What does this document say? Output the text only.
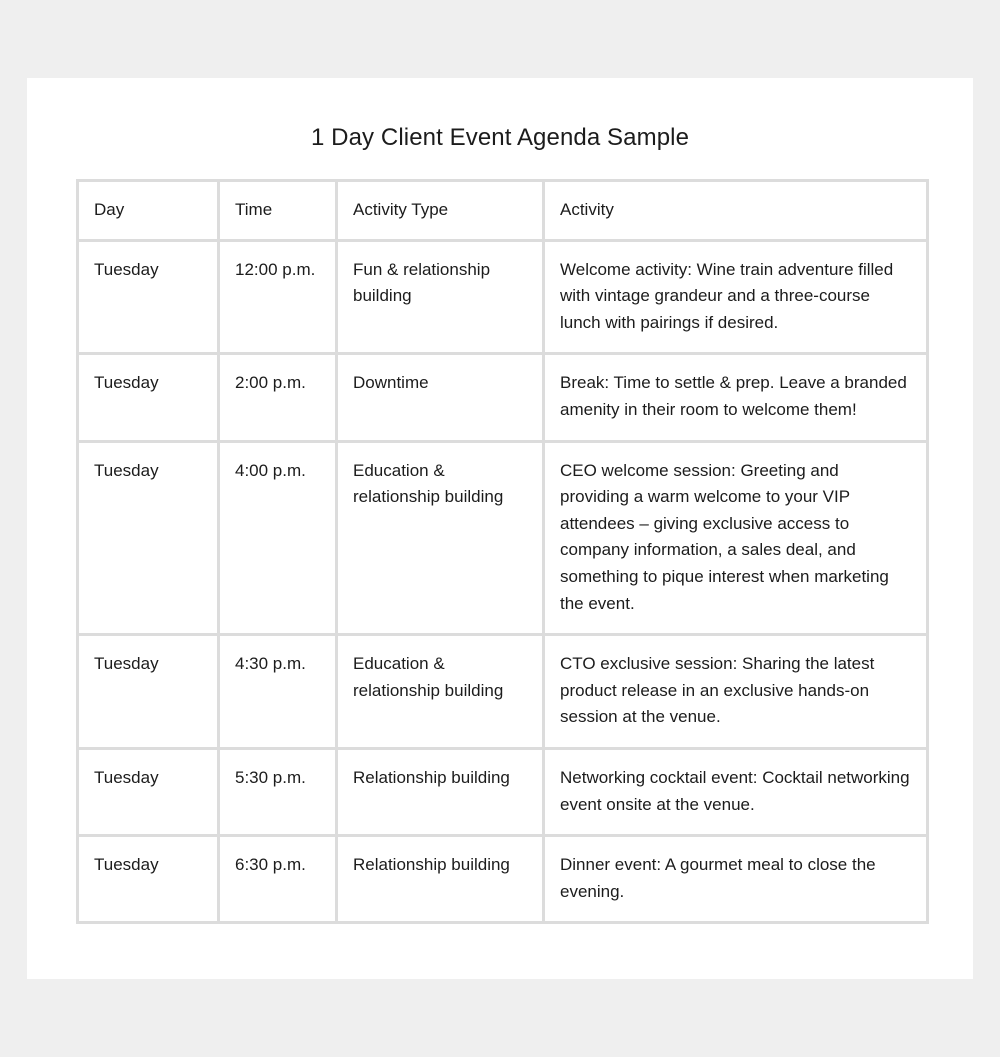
1 Day Client Event Agenda Sample
Day	Time	Activity Type	Activity
Tuesday	12:00 p.m.	Fun & relationship building	Welcome activity: Wine train adventure filled with vintage grandeur and a three-course lunch with pairings if desired.
Tuesday	2:00 p.m.	Downtime	Break: Time to settle & prep. Leave a branded amenity in their room to welcome them!
Tuesday	4:00 p.m.	Education & relationship building	CEO welcome session: Greeting and providing a warm welcome to your VIP attendees – giving exclusive access to company information, a sales deal, and something to pique interest when marketing the event.
Tuesday	4:30 p.m.	Education & relationship building	CTO exclusive session: Sharing the latest product release in an exclusive hands-on session at the venue.
Tuesday	5:30 p.m.	Relationship building	Networking cocktail event: Cocktail networking event onsite at the venue.
Tuesday	6:30 p.m.	Relationship building	Dinner event: A gourmet meal to close the evening.
